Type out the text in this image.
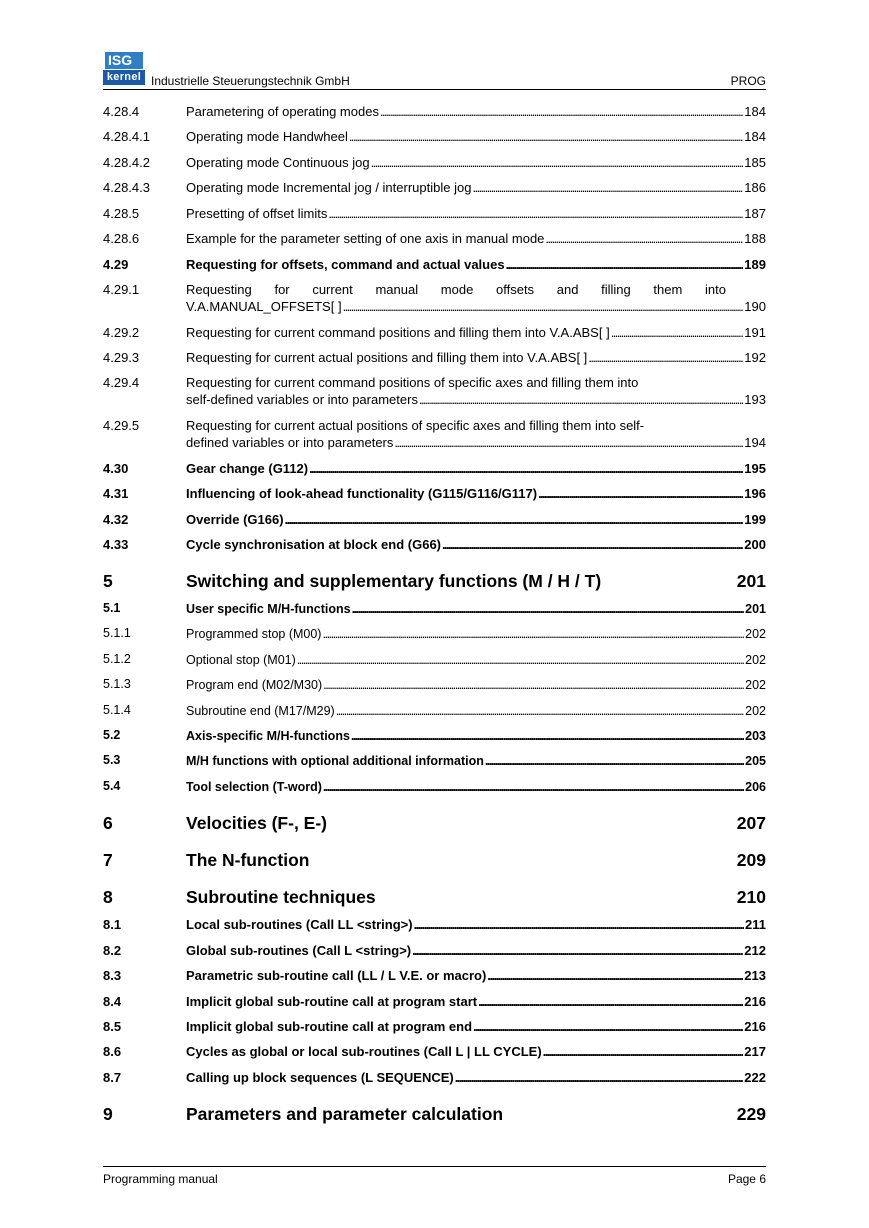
ISG
kernel Industrielle Steuerungstechnik GmbH	PROG
4.28.4	Parametering of operating modes . . .	184
4.28.4.1	Operating mode Handwheel . . .	184
4.28.4.2	Operating mode Continuous jog . . .	185
4.28.4.3	Operating mode Incremental jog / interruptible jog . . .	186
4.28.5	Presetting of offset limits . . .	187
4.28.6	Example for the parameter setting of one axis in manual mode . . .	188
4.29	Requesting for offsets, command and actual values . . .	189
4.29.1	Requesting for current manual mode offsets and filling them into
V.A.MANUAL_OFFSETS[ ] . . .	190
4.29.2	Requesting for current command positions and filling them into V.A.ABS[ ] . . .	191
4.29.3	Requesting for current actual positions and filling them into V.A.ABS[ ] . . .	192
4.29.4	Requesting for current command positions of specific axes and filling them into
self-defined variables or into parameters . . .	193
4.29.5	Requesting for current actual positions of specific axes and filling them into self-
defined variables or into parameters . . .	194
4.30	Gear change (G112) . . .	195
4.31	Influencing of look-ahead functionality (G115/G116/G117) . . .	196
4.32	Override (G166) . . .	199
4.33	Cycle synchronisation at block end (G66) . . .	200
5	Switching and supplementary functions (M / H / T)	201
5.1	User specific M/H-functions . . .	201
5.1.1	Programmed stop (M00) . . .	202
5.1.2	Optional stop (M01) . . .	202
5.1.3	Program end (M02/M30) . . .	202
5.1.4	Subroutine end (M17/M29) . . .	202
5.2	Axis-specific M/H-functions . . .	203
5.3	M/H functions with optional additional information . . .	205
5.4	Tool selection (T-word) . . .	206
6	Velocities (F-, E-)	207
7	The N-function	209
8	Subroutine techniques	210
8.1	Local sub-routines (Call LL <string>) . . .	211
8.2	Global sub-routines (Call L <string>) . . .	212
8.3	Parametric sub-routine call (LL / L V.E. or macro) . . .	213
8.4	Implicit global sub-routine call at program start . . .	216
8.5	Implicit global sub-routine call at program end . . .	216
8.6	Cycles as global or local sub-routines (Call L | LL CYCLE) . . .	217
8.7	Calling up block sequences (L SEQUENCE) . . .	222
9	Parameters and parameter calculation	229
Programming manual	Page 6
